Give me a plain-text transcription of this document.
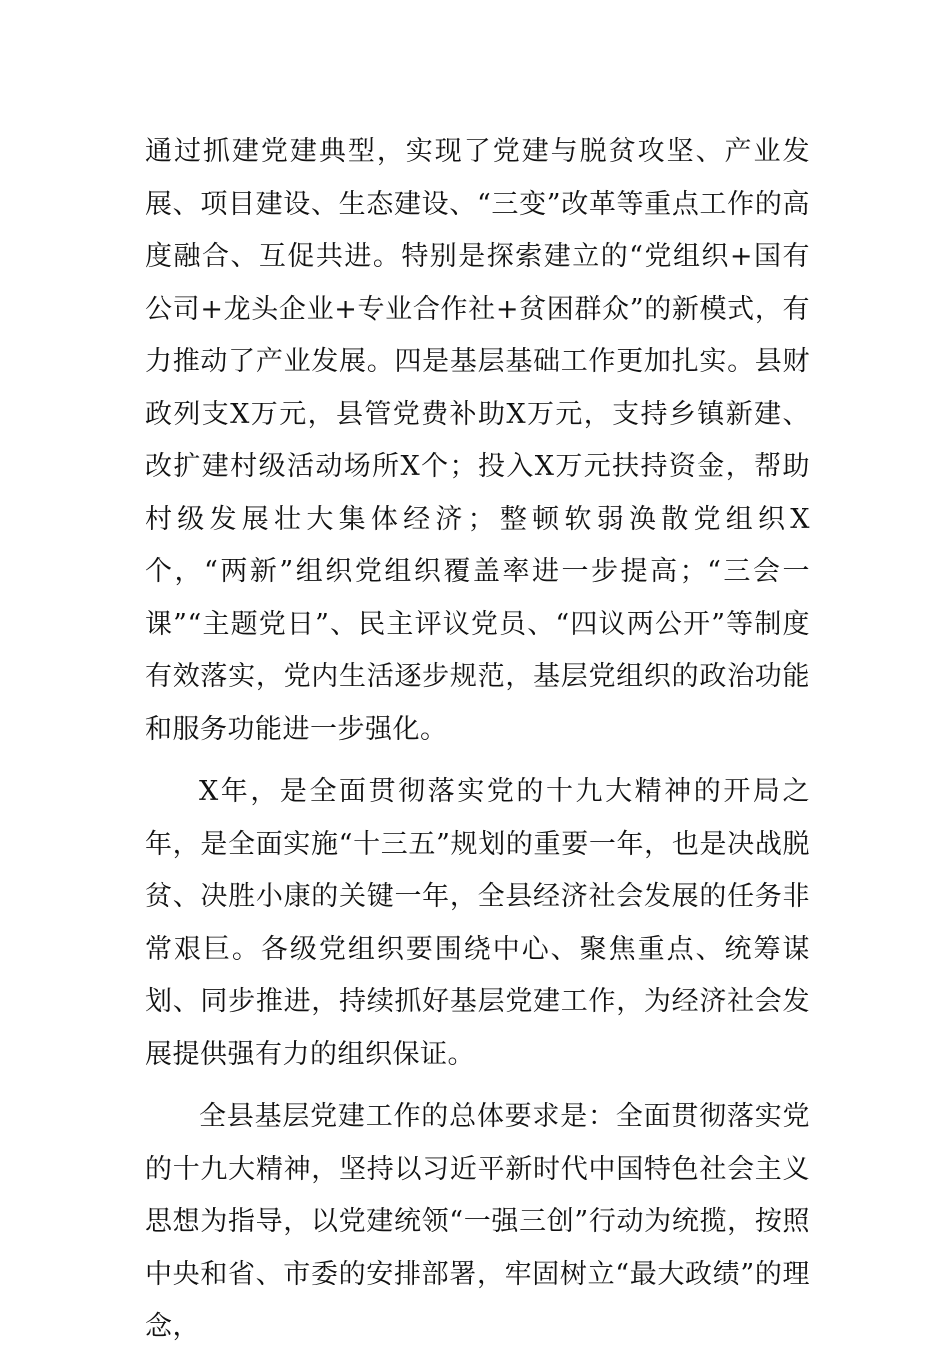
通过抓建党建典型，实现了党建与脱贫攻坚、产业发展、项目建设、生态建设、“三变”改革等重点工作的高度融合、互促共进。特别是探索建立的“党组织+国有公司+龙头企业+专业合作社+贫困群众”的新模式，有力推动了产业发展。四是基层基础工作更加扎实。县财政列支X万元，县管党费补助X万元，支持乡镇新建、改扩建村级活动场所X个；投入X万元扶持资金，帮助村级发展壮大集体经济；整顿软弱涣散党组织X个，“两新”组织党组织覆盖率进一步提高；“三会一课”“主题党日”、民主评议党员、“四议两公开”等制度有效落实，党内生活逐步规范，基层党组织的政治功能和服务功能进一步强化。

X年，是全面贯彻落实党的十九大精神的开局之年，是全面实施“十三五”规划的重要一年，也是决战脱贫、决胜小康的关键一年，全县经济社会发展的任务非常艰巨。各级党组织要围绕中心、聚焦重点、统筹谋划、同步推进，持续抓好基层党建工作，为经济社会发展提供强有力的组织保证。

全县基层党建工作的总体要求是：全面贯彻落实党的十九大精神，坚持以习近平新时代中国特色社会主义思想为指导，以党建统领“一强三创”行动为统揽，按照中央和省、市委的安排部署，牢固树立“最大政绩”的理念，
